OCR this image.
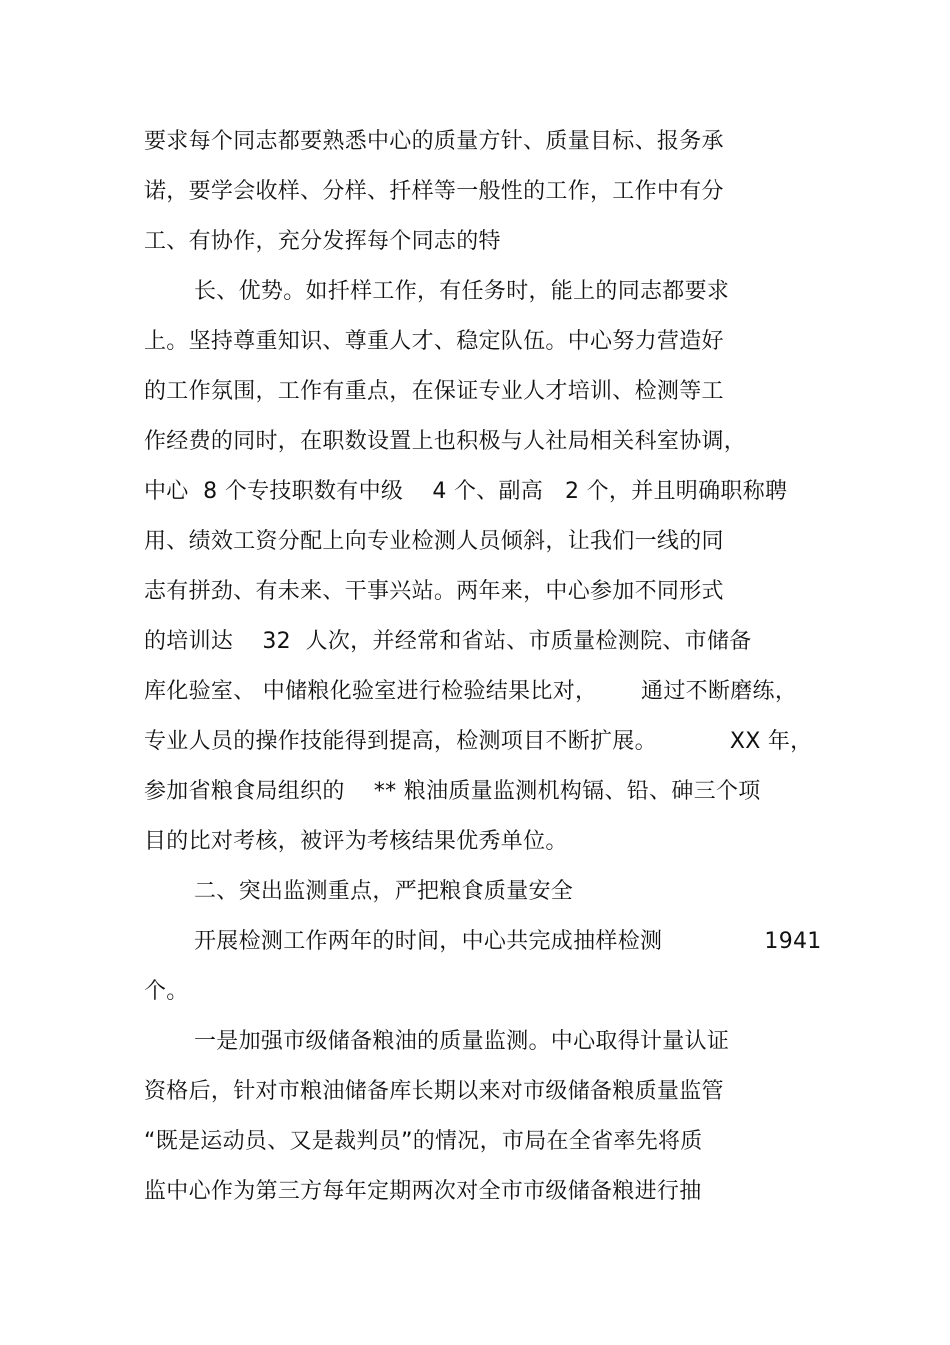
要求每个同志都要熟悉中心的质量方针、质量目标、报务承
诺，要学会收样、分样、扦样等一般性的工作，工作中有分
工、有协作，充分发挥每个同志的特
长、优势。如扦样工作，有任务时，能上的同志都要求
上。坚持尊重知识、尊重人才、稳定队伍。中心努力营造好
的工作氛围，工作有重点，在保证专业人才培训、检测等工
作经费的同时，在职数设置上也积极与人社局相关科室协调，
中心  8 个专技职数有中级    4 个、副高   2 个，并且明确职称聘
用、绩效工资分配上向专业检测人员倾斜，让我们一线的同
志有拼劲、有未来、干事兴站。两年来，中心参加不同形式
的培训达    32  人次，并经常和省站、市质量检测院、市储备
库化验室、 中储粮化验室进行检验结果比对，      通过不断磨练，
专业人员的操作技能得到提高，检测项目不断扩展。          XX 年，
参加省粮食局组织的    ** 粮油质量监测机构镉、铅、砷三个项
目的比对考核，被评为考核结果优秀单位。
二、突出监测重点，严把粮食质量安全
开展检测工作两年的时间，中心共完成抽样检测              1941
个。
一是加强市级储备粮油的质量监测。中心取得计量认证
资格后，针对市粮油储备库长期以来对市级储备粮质量监管
“既是运动员、又是裁判员”的情况，市局在全省率先将质
监中心作为第三方每年定期两次对全市市级储备粮进行抽
